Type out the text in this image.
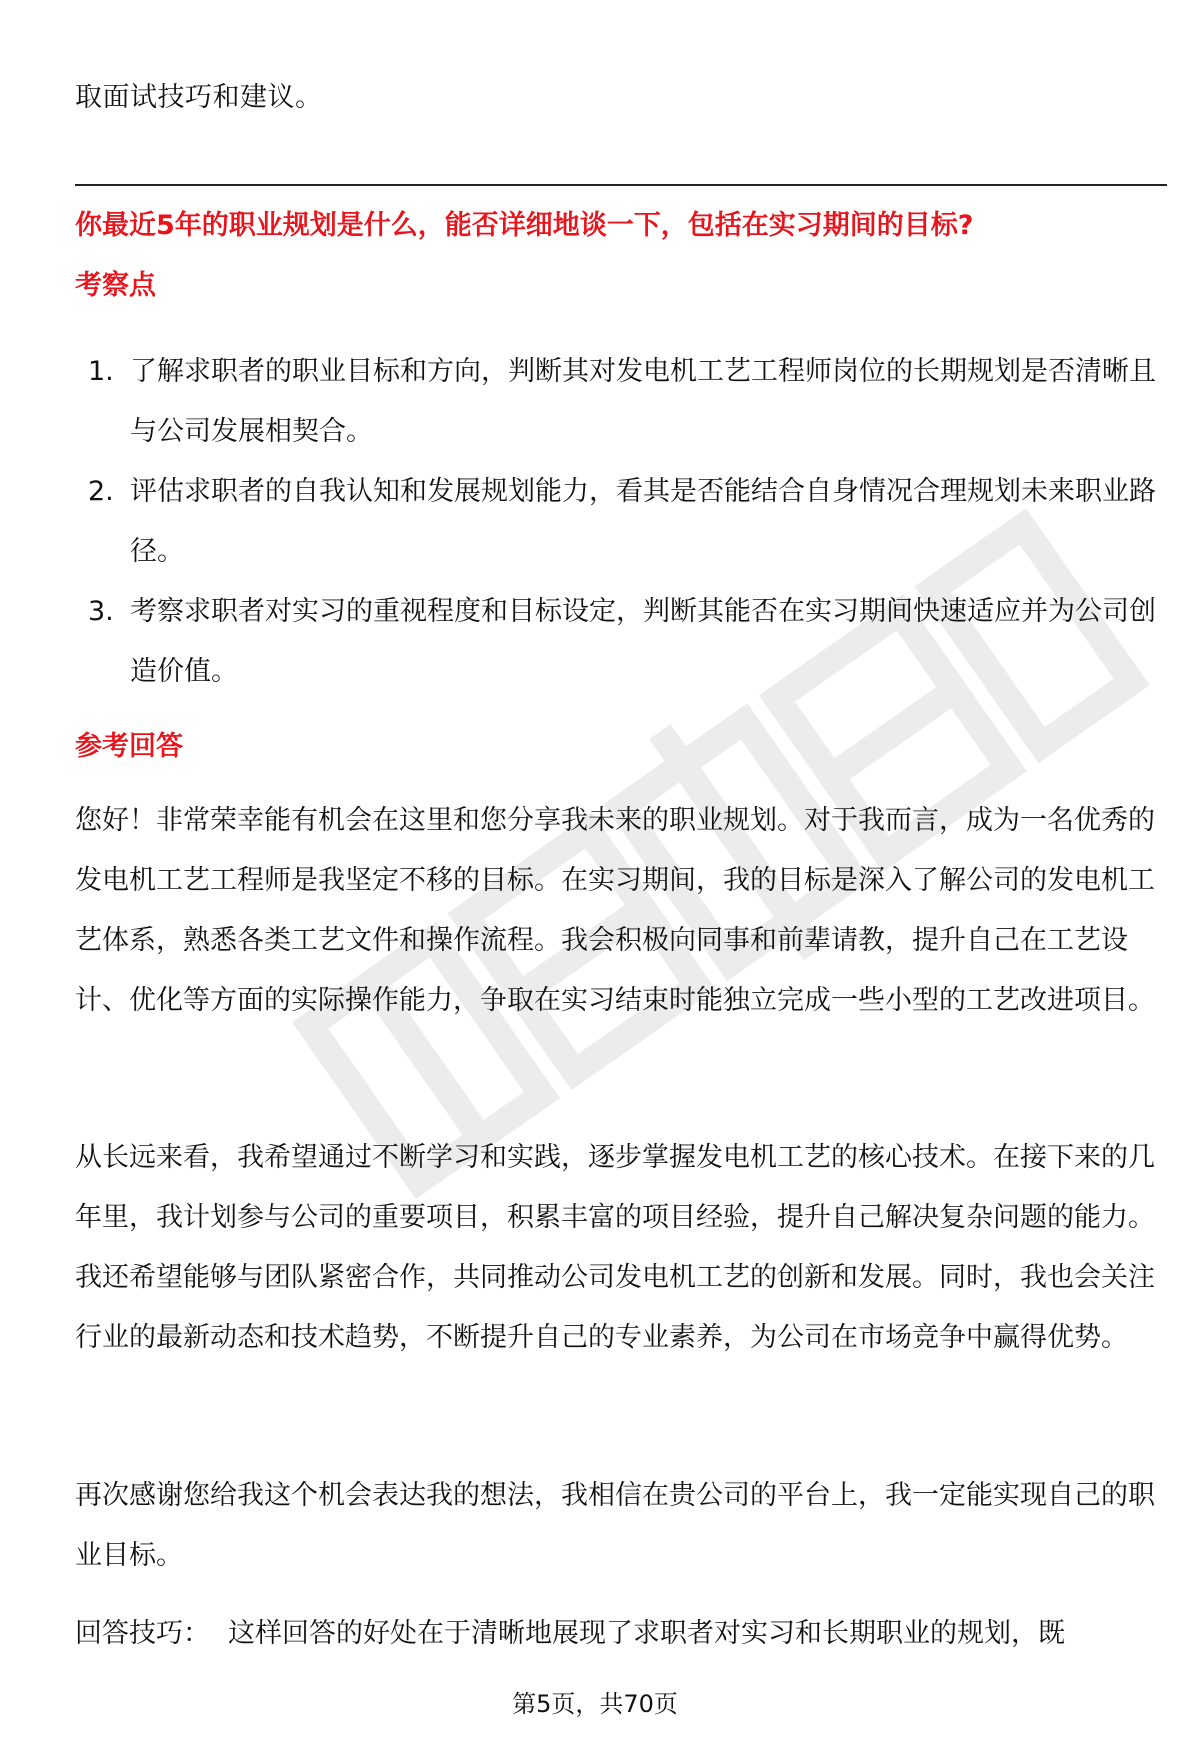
取面试技巧和建议。
你最近5年的职业规划是什么，能否详细地谈一下，包括在实习期间的目标?
考察点
1. 了解求职者的职业目标和方向，判断其对发电机工艺工程师岗位的长期规划是否清晰且与公司发展相契合。
2. 评估求职者的自我认知和发展规划能力，看其是否能结合自身情况合理规划未来职业路径。
3. 考察求职者对实习的重视程度和目标设定，判断其能否在实习期间快速适应并为公司创造价值。
参考回答
您好！非常荣幸能有机会在这里和您分享我未来的职业规划。对于我而言，成为一名优秀的发电机工艺工程师是我坚定不移的目标。在实习期间，我的目标是深入了解公司的发电机工艺体系，熟悉各类工艺文件和操作流程。我会积极向同事和前辈请教，提升自己在工艺设计、优化等方面的实际操作能力，争取在实习结束时能独立完成一些小型的工艺改进项目。
从长远来看，我希望通过不断学习和实践，逐步掌握发电机工艺的核心技术。在接下来的几年里，我计划参与公司的重要项目，积累丰富的项目经验，提升自己解决复杂问题的能力。我还希望能够与团队紧密合作，共同推动公司发电机工艺的创新和发展。同时，我也会关注行业的最新动态和技术趋势，不断提升自己的专业素养，为公司在市场竞争中赢得优势。
再次感谢您给我这个机会表达我的想法，我相信在贵公司的平台上，我一定能实现自己的职业目标。
回答技巧： 这样回答的好处在于清晰地展现了求职者对实习和长期职业的规划，既
第5页，共70页
